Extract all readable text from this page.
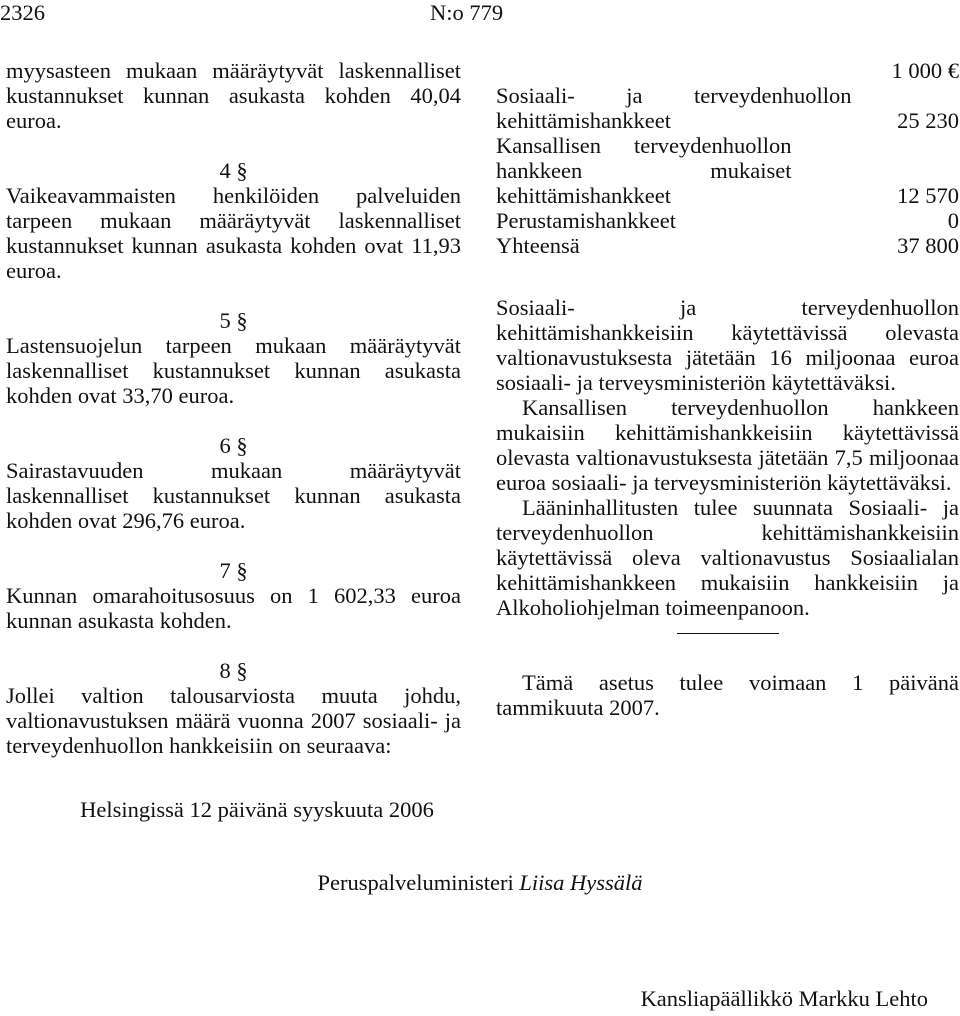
2326	N:o 779

myysasteen mukaan määräytyvät laskennalliset kustannukset kunnan asukasta kohden 40,04 euroa.

4 §

Vaikeavammaisten henkilöiden palveluiden tarpeen mukaan määräytyvät laskennalliset kustannukset kunnan asukasta kohden ovat 11,93 euroa.

5 §

Lastensuojelun tarpeen mukaan määräytyvät laskennalliset kustannukset kunnan asukasta kohden ovat 33,70 euroa.

6 §

Sairastavuuden mukaan määräytyvät laskennalliset kustannukset kunnan asukasta kohden ovat 296,76 euroa.

7 §

Kunnan omarahoitusosuus on 1 602,33 euroa kunnan asukasta kohden.

8 §

Jollei valtion talousarviosta muuta johdu, valtionavustuksen määrä vuonna 2007 sosiaali- ja terveydenhuollon hankkeisiin on seuraava:

	1 000 €
Sosiaali- ja terveydenhuollon kehittämishankkeet	25 230
Kansallisen terveydenhuollon hankkeen mukaiset kehittämishankkeet	12 570
Perustamishankkeet	0
Yhteensä	37 800

Sosiaali- ja terveydenhuollon kehittämishankkeisiin käytettävissä olevasta valtionavustuksesta jätetään 16 miljoonaa euroa sosiaali- ja terveysministeriön käytettäväksi.

Kansallisen terveydenhuollon hankkeen mukaisiin kehittämishankkeisiin käytettävissä olevasta valtionavustuksesta jätetään 7,5 miljoonaa euroa sosiaali- ja terveysministeriön käytettäväksi.

Lääninhallitusten tulee suunnata Sosiaali- ja terveydenhuollon kehittämishankkeisiin käytettävissä oleva valtionavustus Sosiaalialan kehittämishankkeen mukaisiin hankkeisiin ja Alkoholiohjelman toimeenpanoon.

Tämä asetus tulee voimaan 1 päivänä tammikuuta 2007.

Helsingissä 12 päivänä syyskuuta 2006
Peruspalveluministeri Liisa Hyssälä
Kansliapäällikkö Markku Lehto
